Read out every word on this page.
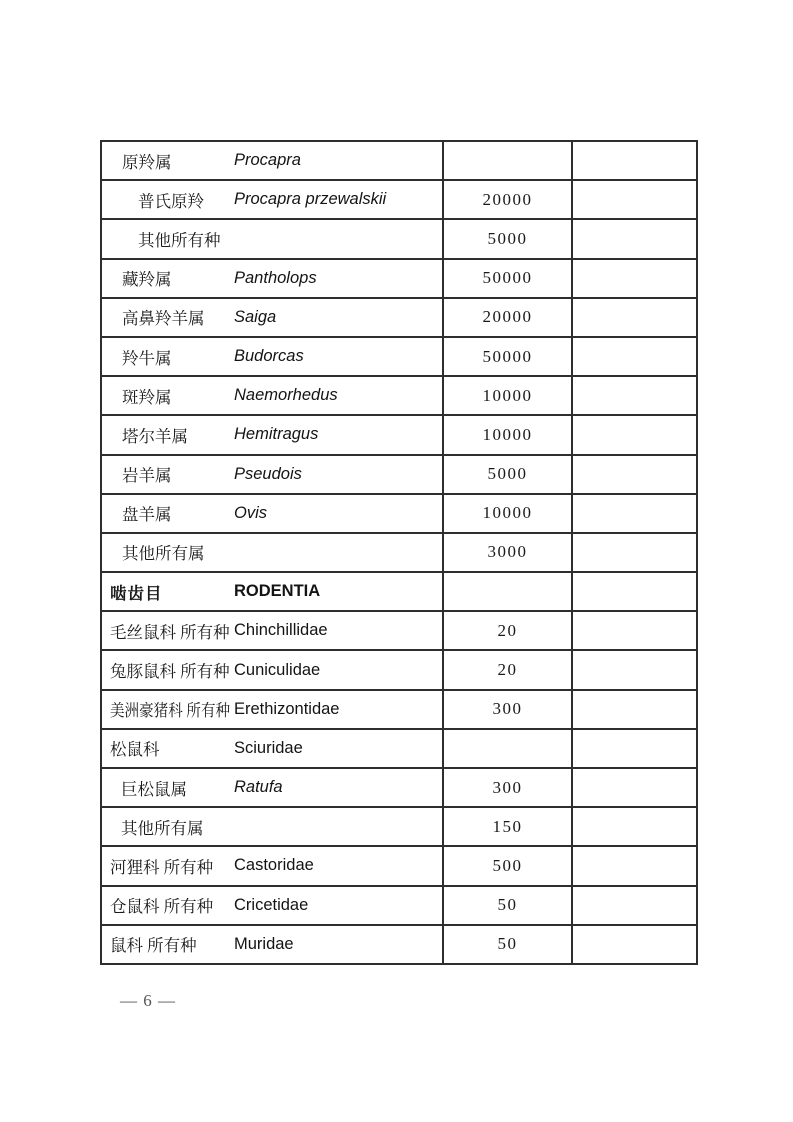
原羚属 Procapra		

普氏原羚 Procapra przewalskii	20000	

其他所有种	5000	

藏羚属 Pantholops	50000	

高鼻羚羊属 Saiga	20000	

羚牛属 Budorcas	50000	

斑羚属 Naemorhedus	10000	

塔尔羊属 Hemitragus	10000	

岩羊属 Pseudois	5000	

盘羊属 Ovis	10000	

其他所有属	3000	

啮齿目 RODENTIA		

毛丝鼠科 所有种 Chinchillidae	20	

兔豚鼠科 所有种 Cuniculidae	20	

美洲豪猪科 所有种 Erethizontidae	300	

松鼠科 Sciuridae		

巨松鼠属 Ratufa	300	

其他所有属	150	

河狸科 所有种 Castoridae	500	

仓鼠科 所有种 Cricetidae	50	

鼠科 所有种 Muridae	50	
— 6 —
